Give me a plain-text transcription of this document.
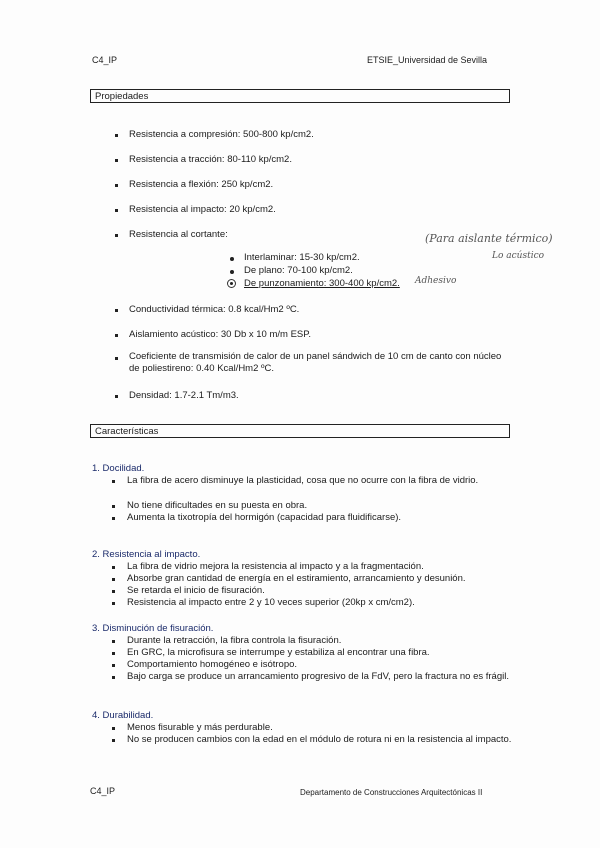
C4_IP	ETSIE_Universidad de Sevilla
Propiedades
Resistencia a compresión: 500-800 kp/cm2.
Resistencia a tracción: 80-110 kp/cm2.
Resistencia a flexión: 250 kp/cm2.
Resistencia al impacto: 20 kp/cm2.
Resistencia al cortante:	(Para aislante térmico)
Lo acústico
Interlaminar: 15-30 kp/cm2.
De plano: 70-100 kp/cm2.
De punzonamiento: 300-400 kp/cm2. Adhesivo
Conductividad térmica: 0.8 kcal/Hm2 ºC.
Aislamiento acústico: 30 Db x 10 m/m ESP.
Coeficiente de transmisión de calor de un panel sándwich de 10 cm de canto con núcleo de poliestireno: 0.40 Kcal/Hm2 ºC.
Densidad: 1.7-2.1 Tm/m3.
Características
1. Docilidad.
La fibra de acero disminuye la plasticidad, cosa que no ocurre con la fibra de vidrio.
No tiene dificultades en su puesta en obra.
Aumenta la tixotropía del hormigón (capacidad para fluidificarse).
2. Resistencia al impacto.
La fibra de vidrio mejora la resistencia al impacto y a la fragmentación.
Absorbe gran cantidad de energía en el estiramiento, arrancamiento y desunión.
Se retarda el inicio de fisuración.
Resistencia al impacto entre 2 y 10 veces superior (20kp x cm/cm2).
3. Disminución de fisuración.
Durante la retracción, la fibra controla la fisuración.
En GRC, la microfisura se interrumpe y estabiliza al encontrar una fibra.
Comportamiento homogéneo e isótropo.
Bajo carga se produce un arrancamiento progresivo de la FdV, pero la fractura no es frágil.
4. Durabilidad.
Menos fisurable y más perdurable.
No se producen cambios con la edad en el módulo de rotura ni en la resistencia al impacto.
C4_IP	Departamento de Construcciones Arquitectónicas II
